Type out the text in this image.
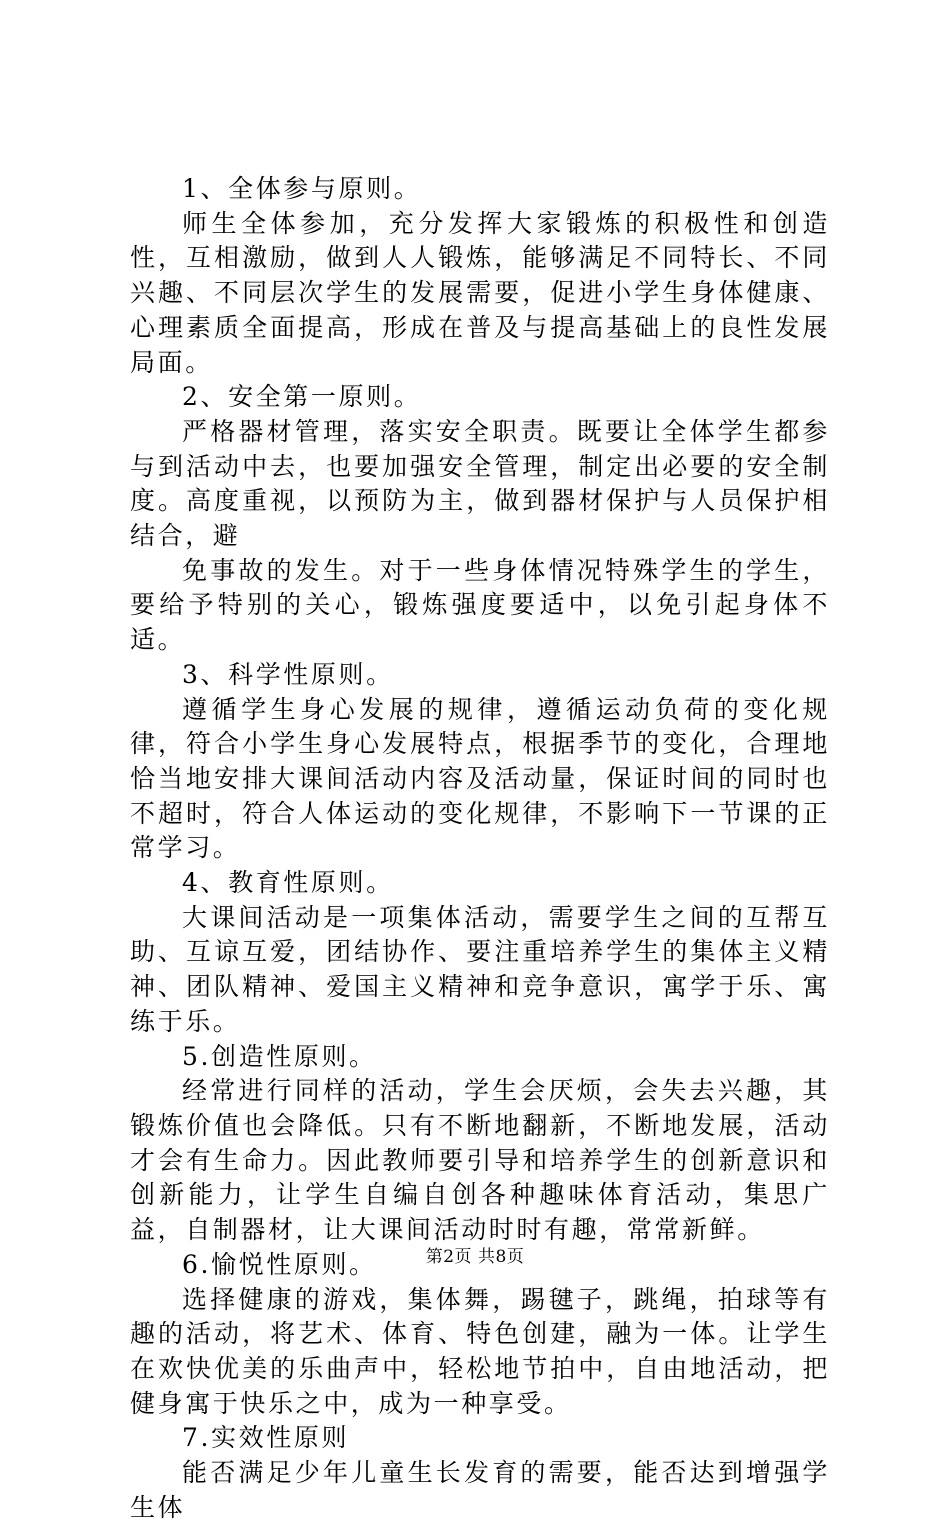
1、全体参与原则。

师生全体参加，充分发挥大家锻炼的积极性和创造性，互相激励，做到人人锻炼，能够满足不同特长、不同兴趣、不同层次学生的发展需要，促进小学生身体健康、心理素质全面提高，形成在普及与提高基础上的良性发展局面。

2、安全第一原则。

严格器材管理，落实安全职责。既要让全体学生都参与到活动中去，也要加强安全管理，制定出必要的安全制度。高度重视，以预防为主，做到器材保护与人员保护相结合，避

免事故的发生。对于一些身体情况特殊学生的学生，要给予特别的关心，锻炼强度要适中，以免引起身体不适。

3、科学性原则。

遵循学生身心发展的规律，遵循运动负荷的变化规律，符合小学生身心发展特点，根据季节的变化，合理地恰当地安排大课间活动内容及活动量，保证时间的同时也不超时，符合人体运动的变化规律，不影响下一节课的正常学习。

4、教育性原则。

大课间活动是一项集体活动，需要学生之间的互帮互助、互谅互爱，团结协作、要注重培养学生的集体主义精神、团队精神、爱国主义精神和竞争意识，寓学于乐、寓练于乐。

5.创造性原则。

经常进行同样的活动，学生会厌烦，会失去兴趣，其锻炼价值也会降低。只有不断地翻新，不断地发展，活动才会有生命力。因此教师要引导和培养学生的创新意识和创新能力，让学生自编自创各种趣味体育活动，集思广益，自制器材，让大课间活动时时有趣，常常新鲜。

6.愉悦性原则。

选择健康的游戏，集体舞，踢毽子，跳绳，拍球等有趣的活动，将艺术、体育、特色创建，融为一体。让学生在欢快优美的乐曲声中，轻松地节拍中，自由地活动，把健身寓于快乐之中，成为一种享受。

7.实效性原则

能否满足少年儿童生长发育的需要，能否达到增强学生体

第2页 共8页
